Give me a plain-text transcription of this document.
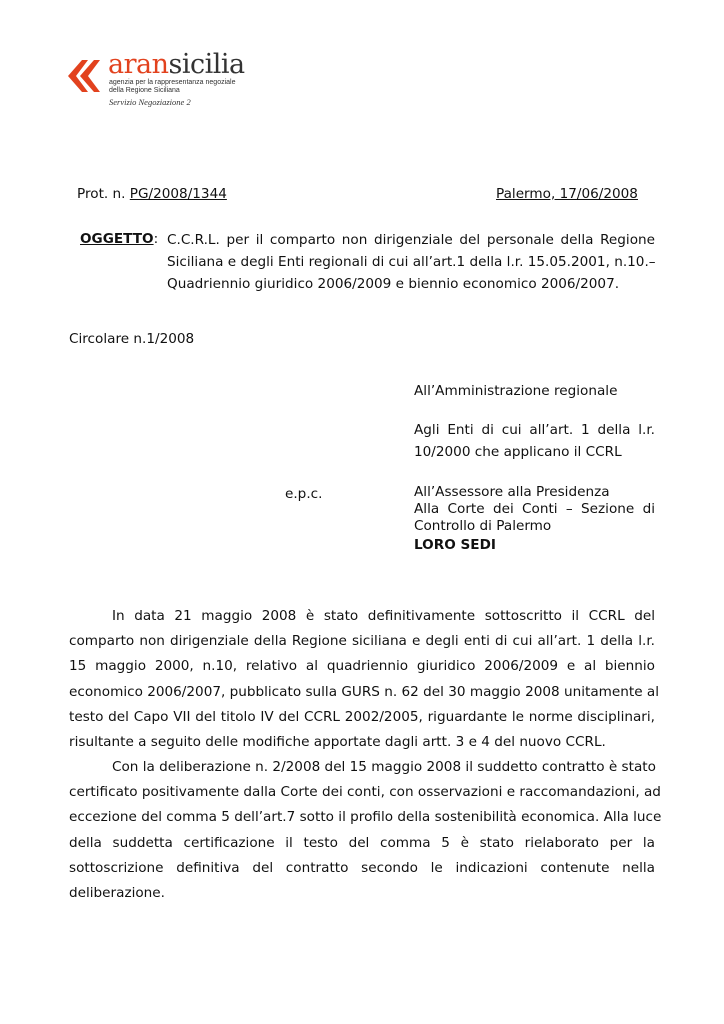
aransicilia
agenzia per la rappresentanza negoziale
della Regione Siciliana
Servizio Negoziazione 2
Prot. n. PG/2008/1344	Palermo, 17/06/2008
OGGETTO: C.C.R.L. per il comparto non dirigenziale del personale della Regione
Siciliana e degli Enti regionali di cui all’art.1 della l.r. 15.05.2001, n.10.–
Quadriennio giuridico 2006/2009 e biennio economico 2006/2007.
Circolare n.1/2008
All’Amministrazione regionale
Agli Enti di cui all’art. 1 della l.r.
10/2000 che applicano il CCRL
e.p.c.	All’Assessore alla Presidenza
Alla Corte dei Conti – Sezione di
Controllo di Palermo
LORO SEDI
In data 21 maggio 2008 è stato definitivamente sottoscritto il CCRL del
comparto non dirigenziale della Regione siciliana e degli enti di cui all’art. 1 della l.r.
15 maggio 2000, n.10, relativo al quadriennio giuridico 2006/2009 e al biennio
economico 2006/2007, pubblicato sulla GURS n. 62 del 30 maggio 2008 unitamente al
testo del Capo VII del titolo IV del CCRL 2002/2005, riguardante le norme disciplinari,
risultante a seguito delle modifiche apportate dagli artt. 3 e 4 del nuovo CCRL.
Con la deliberazione n. 2/2008 del 15 maggio 2008 il suddetto contratto è stato
certificato positivamente dalla Corte dei conti, con osservazioni e raccomandazioni, ad
eccezione del comma 5 dell’art.7 sotto il profilo della sostenibilità economica. Alla luce
della suddetta certificazione il testo del comma 5 è stato rielaborato per la
sottoscrizione definitiva del contratto secondo le indicazioni contenute nella
deliberazione.
